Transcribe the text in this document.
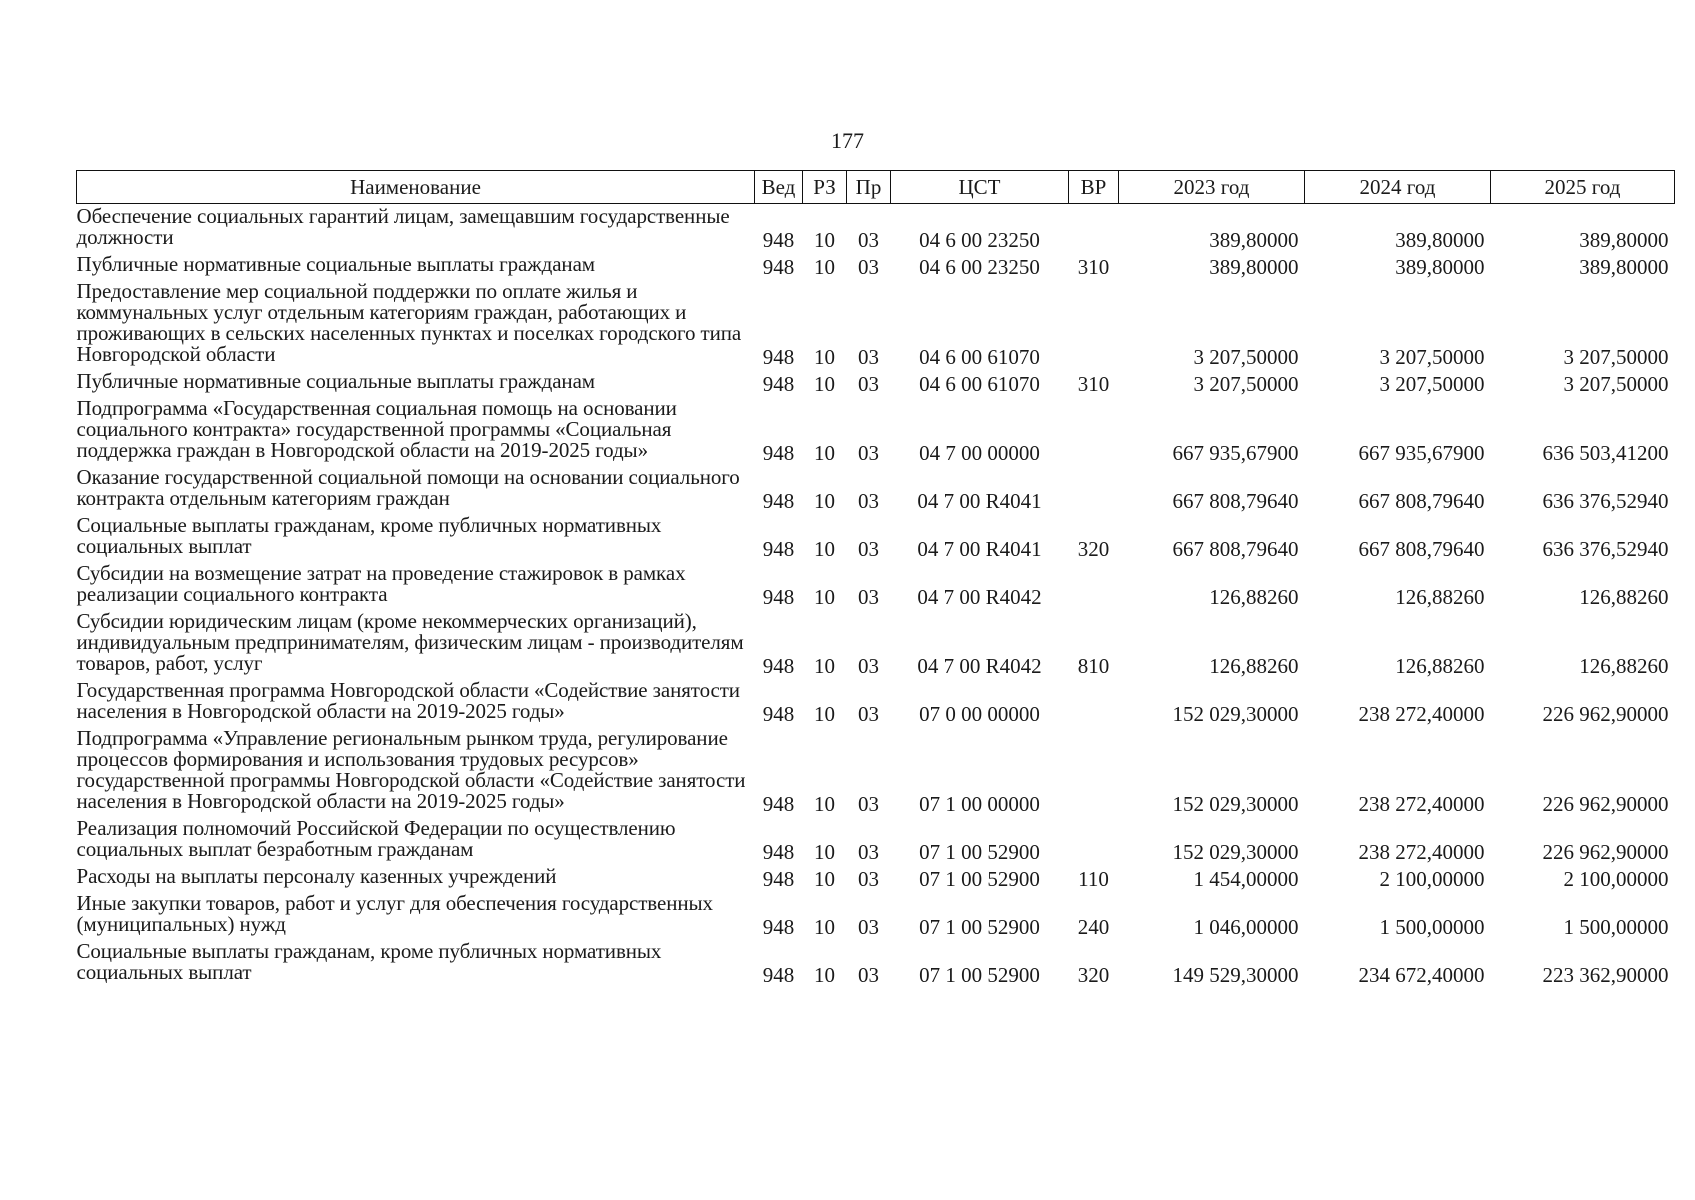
177
Наименование	Вед	РЗ	Пр	ЦСТ	ВР	2023 год	2024 год	2025 год
Обеспечение социальных гарантий лицам, замещавшим государственные должности	948	10	03	04 6 00 23250		389,80000	389,80000	389,80000
Публичные нормативные социальные выплаты гражданам	948	10	03	04 6 00 23250	310	389,80000	389,80000	389,80000
Предоставление мер социальной поддержки по оплате жилья и коммунальных услуг отдельным категориям граждан, работающих и проживающих в сельских населенных пунктах и поселках городского типа Новгородской области	948	10	03	04 6 00 61070		3 207,50000	3 207,50000	3 207,50000
Публичные нормативные социальные выплаты гражданам	948	10	03	04 6 00 61070	310	3 207,50000	3 207,50000	3 207,50000
Подпрограмма «Государственная социальная помощь на основании социального контракта» государственной программы «Социальная поддержка граждан в Новгородской области на 2019-2025 годы»	948	10	03	04 7 00 00000		667 935,67900	667 935,67900	636 503,41200
Оказание государственной социальной помощи на основании социального контракта отдельным категориям граждан	948	10	03	04 7 00 R4041		667 808,79640	667 808,79640	636 376,52940
Социальные выплаты гражданам, кроме публичных нормативных социальных выплат	948	10	03	04 7 00 R4041	320	667 808,79640	667 808,79640	636 376,52940
Субсидии на возмещение затрат на проведение стажировок в рамках реализации социального контракта	948	10	03	04 7 00 R4042		126,88260	126,88260	126,88260
Субсидии юридическим лицам (кроме некоммерческих организаций), индивидуальным предпринимателям, физическим лицам - производителям товаров, работ, услуг	948	10	03	04 7 00 R4042	810	126,88260	126,88260	126,88260
Государственная программа Новгородской области «Содействие занятости населения в Новгородской области на 2019-2025 годы»	948	10	03	07 0 00 00000		152 029,30000	238 272,40000	226 962,90000
Подпрограмма «Управление региональным рынком труда, регулирование процессов формирования и использования трудовых ресурсов» государственной программы Новгородской области «Содействие занятости населения в Новгородской области на 2019-2025 годы»	948	10	03	07 1 00 00000		152 029,30000	238 272,40000	226 962,90000
Реализация полномочий Российской Федерации по осуществлению социальных выплат безработным гражданам	948	10	03	07 1 00 52900		152 029,30000	238 272,40000	226 962,90000
Расходы на выплаты персоналу казенных учреждений	948	10	03	07 1 00 52900	110	1 454,00000	2 100,00000	2 100,00000
Иные закупки товаров, работ и услуг для обеспечения государственных (муниципальных) нужд	948	10	03	07 1 00 52900	240	1 046,00000	1 500,00000	1 500,00000
Социальные выплаты гражданам, кроме публичных нормативных социальных выплат	948	10	03	07 1 00 52900	320	149 529,30000	234 672,40000	223 362,90000
